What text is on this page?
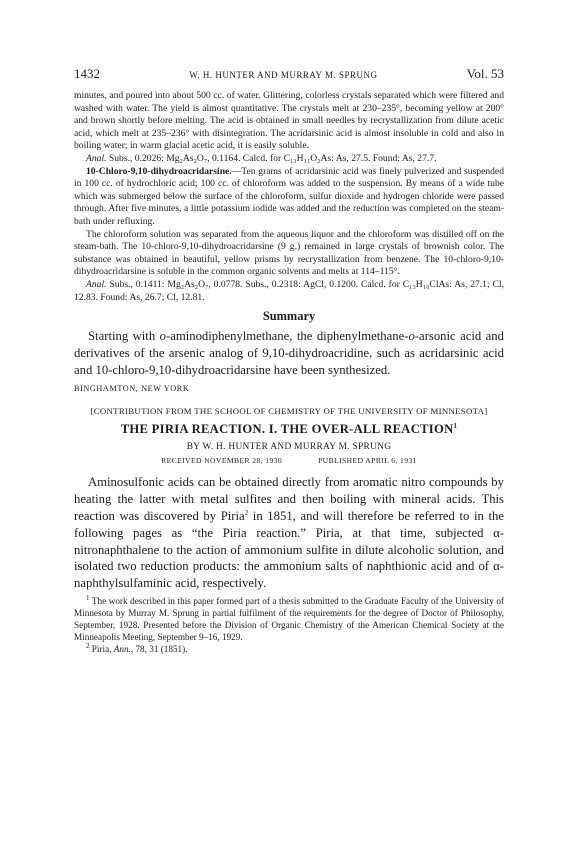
1432	W. H. HUNTER AND MURRAY M. SPRUNG	Vol. 53

minutes, and poured into about 500 cc. of water. Glittering, colorless crystals separated which were filtered and washed with water. The yield is almost quantitative. The crystals melt at 230–235°, becoming yellow at 200° and brown shortly before melting. The acid is obtained in small needles by recrystallization from dilute acetic acid, which melt at 235–236° with disintegration. The acridarsinic acid is almost insoluble in cold and also in boiling water; in warm glacial acetic acid, it is easily soluble.

Anal. Subs., 0.2026: Mg₂As₂O₇, 0.1164. Calcd. for C₁₃H₁₁O₂As: As, 27.5. Found: As, 27.7.

10-Chloro-9,10-dihydroacridarsine.—Ten grams of acridarsinic acid was finely pulverized and suspended in 100 cc. of hydrochloric acid; 100 cc. of chloroform was added to the suspension. By means of a wide tube which was submerged below the surface of the chloroform, sulfur dioxide and hydrogen chloride were passed through. After five minutes, a little potassium iodide was added and the reduction was completed on the steam-bath under refluxing.

The chloroform solution was separated from the aqueous liquor and the chloroform was distilled off on the steam-bath. The 10-chloro-9,10-dihydroacridarsine (9 g.) remained in large crystals of brownish color. The substance was obtained in beautiful, yellow prisms by recrystallization from benzene. The 10-chloro-9,10-dihydroacridarsine is soluble in the common organic solvents and melts at 114–115°.

Anal. Subs., 0.1411: Mg₂As₂O₇, 0.0778. Subs., 0.2318: AgCl, 0.1200. Calcd. for C₁₃H₁₀ClAs: As, 27.1; Cl, 12.83. Found: As, 26.7; Cl, 12.81.

Summary

Starting with o-aminodiphenylmethane, the diphenylmethane-o-arsonic acid and derivatives of the arsenic analog of 9,10-dihydroacridine, such as acridarsinic acid and 10-chloro-9,10-dihydroacridarsine have been synthesized.

BINGHAMTON, NEW YORK
[CONTRIBUTION FROM THE SCHOOL OF CHEMISTRY OF THE UNIVERSITY OF MINNESOTA]
THE PIRIA REACTION. I. THE OVER-ALL REACTION$^1$
BY W. H. HUNTER AND MURRAY M. SPRUNG
RECEIVED NOVEMBER 28, 1930	PUBLISHED APRIL 6, 1931

Aminosulfonic acids can be obtained directly from aromatic nitro compounds by heating the latter with metal sulfites and then boiling with mineral acids. This reaction was discovered by Piria$^2$ in 1851, and will therefore be referred to in the following pages as “the Piria reaction.” Piria, at that time, subjected α-nitronaphthalene to the action of ammonium sulfite in dilute alcoholic solution, and isolated two reduction products: the ammonium salts of naphthionic acid and of α-naphthylsulfaminic acid, respectively.

$^1$ The work described in this paper formed part of a thesis submitted to the Graduate Faculty of the University of Minnesota by Murray M. Sprung in partial fulfilment of the requirements for the degree of Doctor of Philosophy, September, 1928. Presented before the Division of Organic Chemistry of the American Chemical Society at the Minneapolis Meeting, September 9–16, 1929.

$^2$ Piria, Ann., 78, 31 (1851).
